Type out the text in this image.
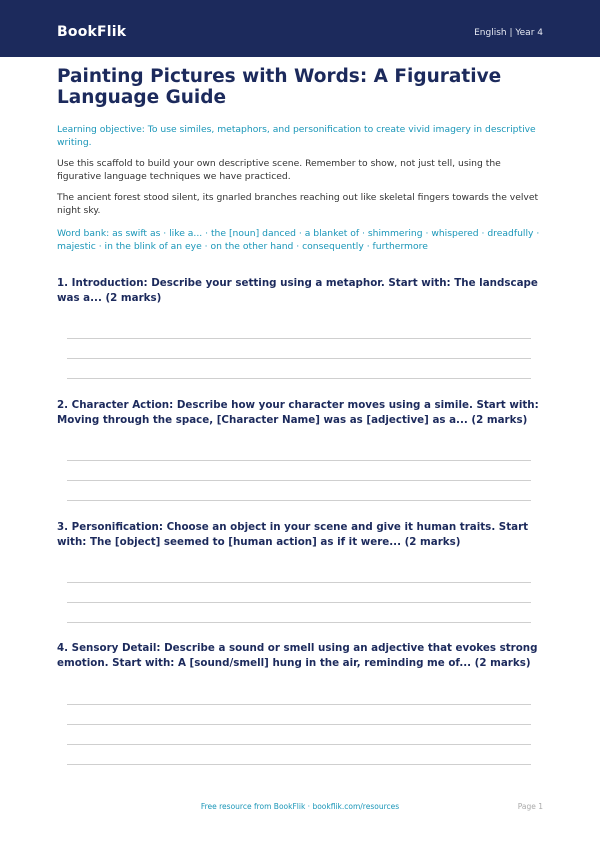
BookFlik	English | Year 4
Painting Pictures with Words: A Figurative Language Guide
Learning objective: To use similes, metaphors, and personification to create vivid imagery in descriptive writing.
Use this scaffold to build your own descriptive scene. Remember to show, not just tell, using the figurative language techniques we have practiced.
The ancient forest stood silent, its gnarled branches reaching out like skeletal fingers towards the velvet night sky.
Word bank: as swift as · like a... · the [noun] danced · a blanket of · shimmering · whispered · dreadfully · majestic · in the blink of an eye · on the other hand · consequently · furthermore
1. Introduction: Describe your setting using a metaphor. Start with: The landscape was a... (2 marks)
2. Character Action: Describe how your character moves using a simile. Start with: Moving through the space, [Character Name] was as [adjective] as a... (2 marks)
3. Personification: Choose an object in your scene and give it human traits. Start with: The [object] seemed to [human action] as if it were... (2 marks)
4. Sensory Detail: Describe a sound or smell using an adjective that evokes strong emotion. Start with: A [sound/smell] hung in the air, reminding me of... (2 marks)
Free resource from BookFlik · bookflik.com/resources	Page 1
